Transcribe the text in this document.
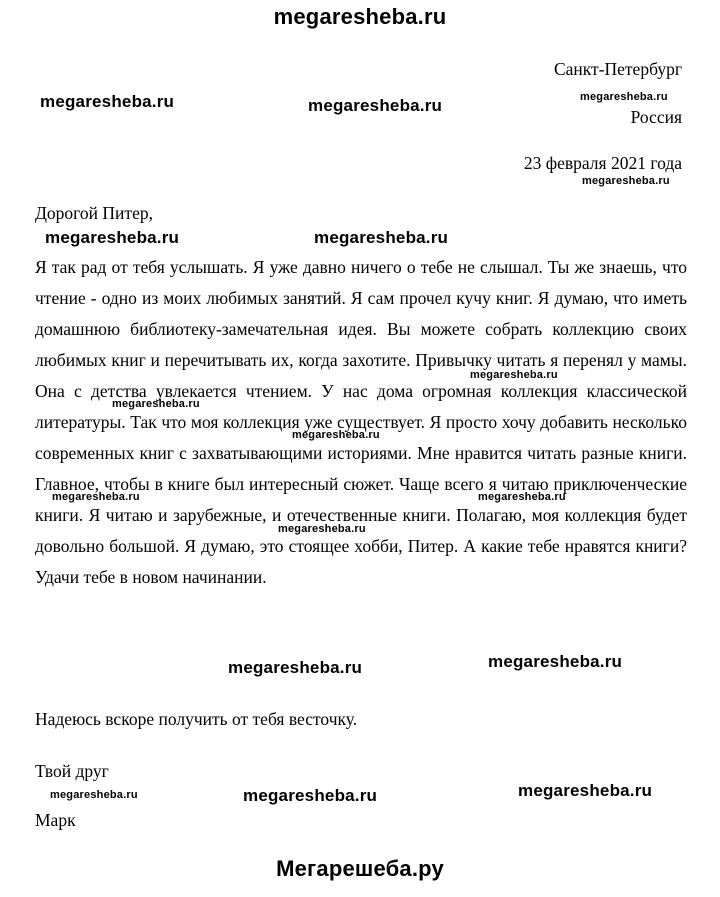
megaresheba.ru
Санкт-Петербург
megaresheba.ru	megaresheba.ru	megaresheba.ru
Россия
23 февраля 2021 года
megaresheba.ru
Дорогой Питер,
megaresheba.ru	megaresheba.ru
Я так рад от тебя услышать. Я уже давно ничего о тебе не слышал. Ты же знаешь, что чтение - одно из моих любимых занятий. Я сам прочел кучу книг. Я думаю, что иметь домашнюю библиотеку-замечательная идея. Вы можете собрать коллекцию своих любимых книг и перечитывать их, когда захотите. Привычку читать я перенял у мамы. Она с детства увлекается чтением. У нас дома огромная коллекция классической литературы. Так что моя коллекция уже существует. Я просто хочу добавить несколько современных книг с захватывающими историями. Мне нравится читать разные книги. Главное, чтобы в книге был интересный сюжет. Чаще всего я читаю приключенческие книги. Я читаю и зарубежные, и отечественные книги. Полагаю, моя коллекция будет довольно большой. Я думаю, это стоящее хобби, Питер. А какие тебе нравятся книги? Удачи тебе в новом начинании.
megaresheba.ru
megaresheba.ru
megaresheba.ru
megaresheba.ru	megaresheba.ru
megaresheba.ru
megaresheba.ru	megaresheba.ru
Надеюсь вскоре получить от тебя весточку.
Твой друг
megaresheba.ru	megaresheba.ru	megaresheba.ru
Марк
Мегарешеба.ру
